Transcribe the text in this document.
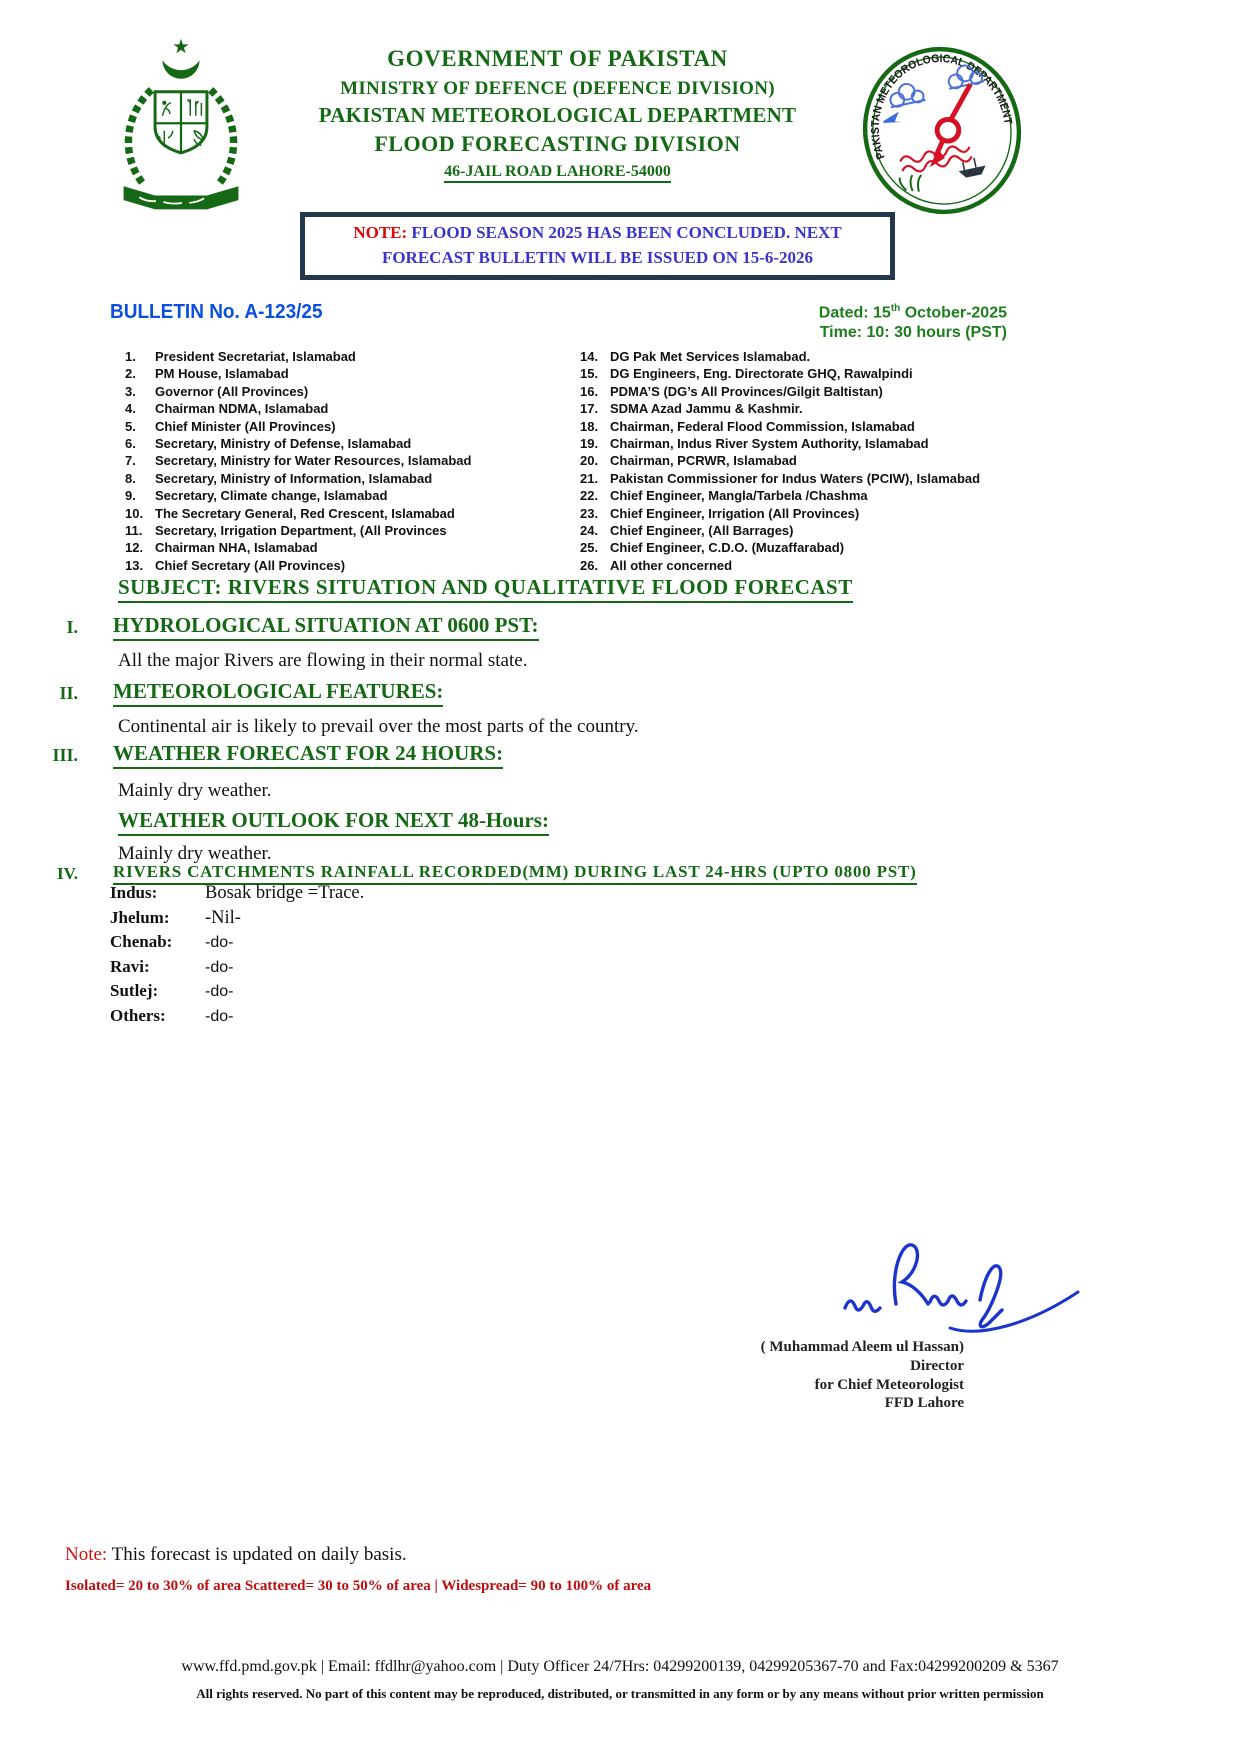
GOVERNMENT OF PAKISTAN
MINISTRY OF DEFENCE (DEFENCE DIVISION)
PAKISTAN METEOROLOGICAL DEPARTMENT
FLOOD FORECASTING DIVISION
46-JAIL ROAD LAHORE-54000
PAKISTAN METEOROLOGICAL DEPARTMENT
NOTE: FLOOD SEASON 2025 HAS BEEN CONCLUDED. NEXT FORECAST BULLETIN WILL BE ISSUED ON 15-6-2026
BULLETIN No. A-123/25	Dated: 15th October-2025
Time: 10: 30 hours (PST)
1.	President Secretariat, Islamabad
2.	PM House, Islamabad
3.	Governor (All Provinces)
4.	Chairman NDMA, Islamabad
5.	Chief Minister (All Provinces)
6.	Secretary, Ministry of Defense, Islamabad
7.	Secretary, Ministry for Water Resources, Islamabad
8.	Secretary, Ministry of Information, Islamabad
9.	Secretary, Climate change, Islamabad
10. The Secretary General, Red Crescent, Islamabad
11. Secretary, Irrigation Department, (All Provinces
12. Chairman NHA, Islamabad
13. Chief Secretary (All Provinces)
14. DG Pak Met Services Islamabad.
15. DG Engineers, Eng. Directorate GHQ, Rawalpindi
16. PDMA’S (DG’s All Provinces/Gilgit Baltistan)
17. SDMA Azad Jammu & Kashmir.
18. Chairman, Federal Flood Commission, Islamabad
19. Chairman, Indus River System Authority, Islamabad
20. Chairman, PCRWR, Islamabad
21. Pakistan Commissioner for Indus Waters (PCIW), Islamabad
22. Chief Engineer, Mangla/Tarbela /Chashma
23. Chief Engineer, Irrigation (All Provinces)
24. Chief Engineer, (All Barrages)
25. Chief Engineer, C.D.O. (Muzaffarabad)
26. All other concerned
SUBJECT: RIVERS SITUATION AND QUALITATIVE FLOOD FORECAST
I. HYDROLOGICAL SITUATION AT 0600 PST:
All the major Rivers are flowing in their normal state.
II. METEOROLOGICAL FEATURES:
Continental air is likely to prevail over the most parts of the country.
III. WEATHER FORECAST FOR 24 HOURS:
Mainly dry weather.
WEATHER OUTLOOK FOR NEXT 48-Hours:
Mainly dry weather.
IV. RIVERS CATCHMENTS RAINFALL RECORDED(MM) DURING LAST 24-HRS (UPTO 0800 PST)
Indus:	Bosak bridge =Trace.
Jhelum:	-Nil-
Chenab:	-do-
Ravi:	-do-
Sutlej:	-do-
Others:	-do-
( Muhammad Aleem ul Hassan)
Director
for Chief Meteorologist
FFD Lahore
Note: This forecast is updated on daily basis.
Isolated= 20 to 30% of area Scattered= 30 to 50% of area | Widespread= 90 to 100% of area
www.ffd.pmd.gov.pk | Email: ffdlhr@yahoo.com | Duty Officer 24/7Hrs: 04299200139, 04299205367-70 and Fax:04299200209 & 5367
All rights reserved. No part of this content may be reproduced, distributed, or transmitted in any form or by any means without prior written permission
